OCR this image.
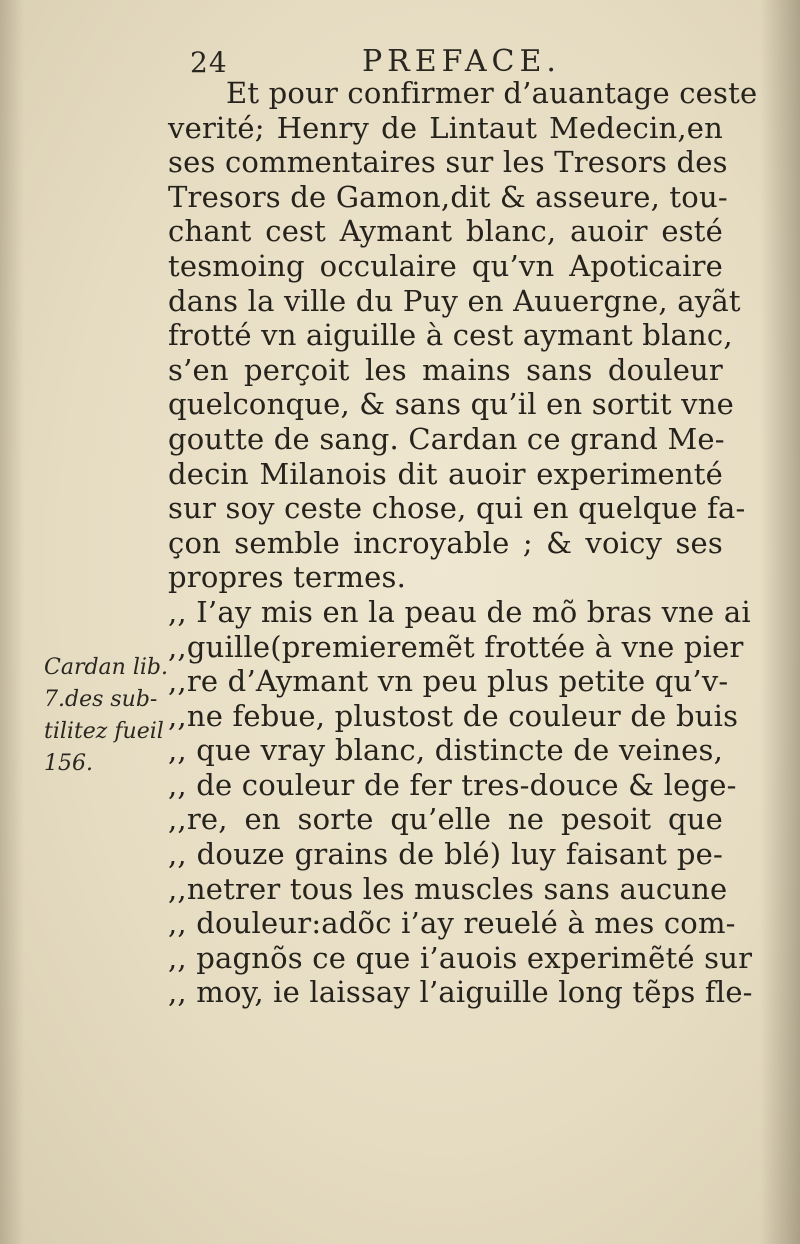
24	PREFACE.
Et pour confirmer d’auantage ceste
verité; Henry de Lintaut Medecin,en
ses commentaires sur les Tresors des
Tresors de Gamon,dit & asseure, tou-
chant cest Aymant blanc, auoir esté
tesmoing occulaire qu’vn Apoticaire
dans la ville du Puy en Auuergne, ayãt
frotté vn aiguille à cest aymant blanc,
s’en perçoit les mains sans douleur
quelconque, & sans qu’il en sortit vne
goutte de sang. Cardan ce grand Me-
decin Milanois dit auoir experimenté
sur soy ceste chose, qui en quelque fa-
çon semble incroyable ; & voicy ses
propres termes.
,, I’ay mis en la peau de mõ bras vne ai
,,guille(premieremẽt frottée à vne pier
,,re d’Aymant vn peu plus petite qu’v-
,,ne febue, plustost de couleur de buis
,, que vray blanc, distincte de veines,
,, de couleur de fer tres-douce & lege-
,,re, en sorte qu’elle ne pesoit que
,, douze grains de blé) luy faisant pe-
,,netrer tous les muscles sans aucune
,, douleur:adõc i’ay reuelé à mes com-
,, pagnõs ce que i’auois experimẽté sur
,, moy, ie laissay l’aiguille long tẽps fle-
Cardan lib.
7.des sub-
tilitez fueil
156.
